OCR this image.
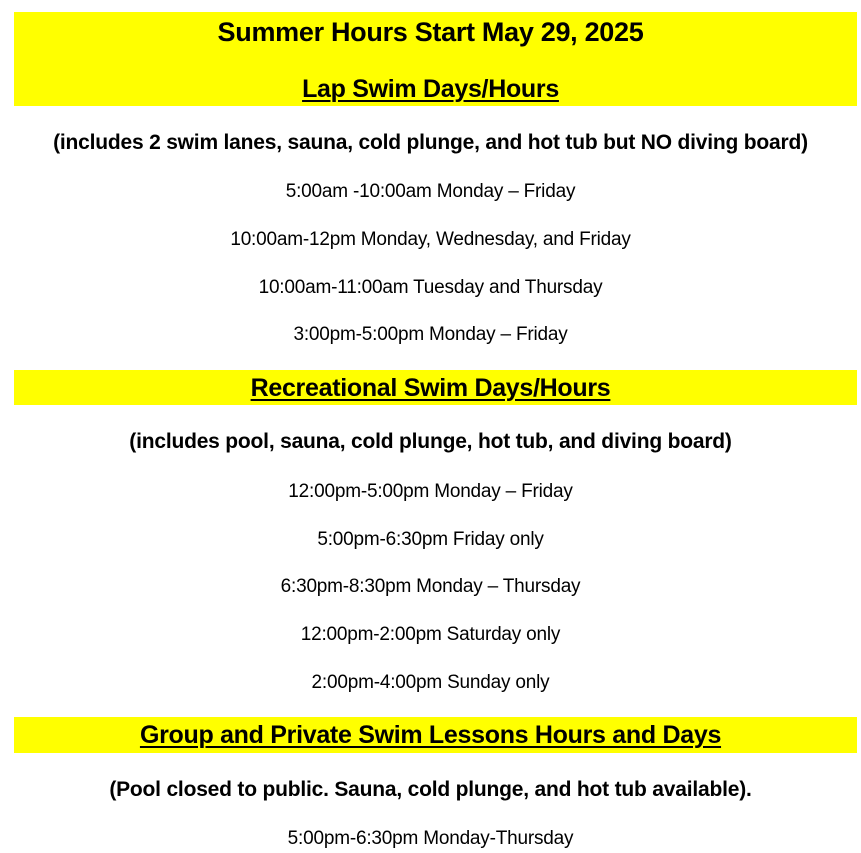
Summer Hours Start May 29, 2025
Lap Swim Days/Hours
(includes 2 swim lanes, sauna, cold plunge, and hot tub but NO diving board)
5:00am -10:00am Monday – Friday
10:00am-12pm Monday, Wednesday, and Friday
10:00am-11:00am Tuesday and Thursday
3:00pm-5:00pm Monday – Friday
Recreational Swim Days/Hours
(includes pool, sauna, cold plunge, hot tub, and diving board)
12:00pm-5:00pm Monday – Friday
5:00pm-6:30pm Friday only
6:30pm-8:30pm Monday – Thursday
12:00pm-2:00pm Saturday only
2:00pm-4:00pm Sunday only
Group and Private Swim Lessons Hours and Days
(Pool closed to public. Sauna, cold plunge, and hot tub available).
5:00pm-6:30pm Monday-Thursday
